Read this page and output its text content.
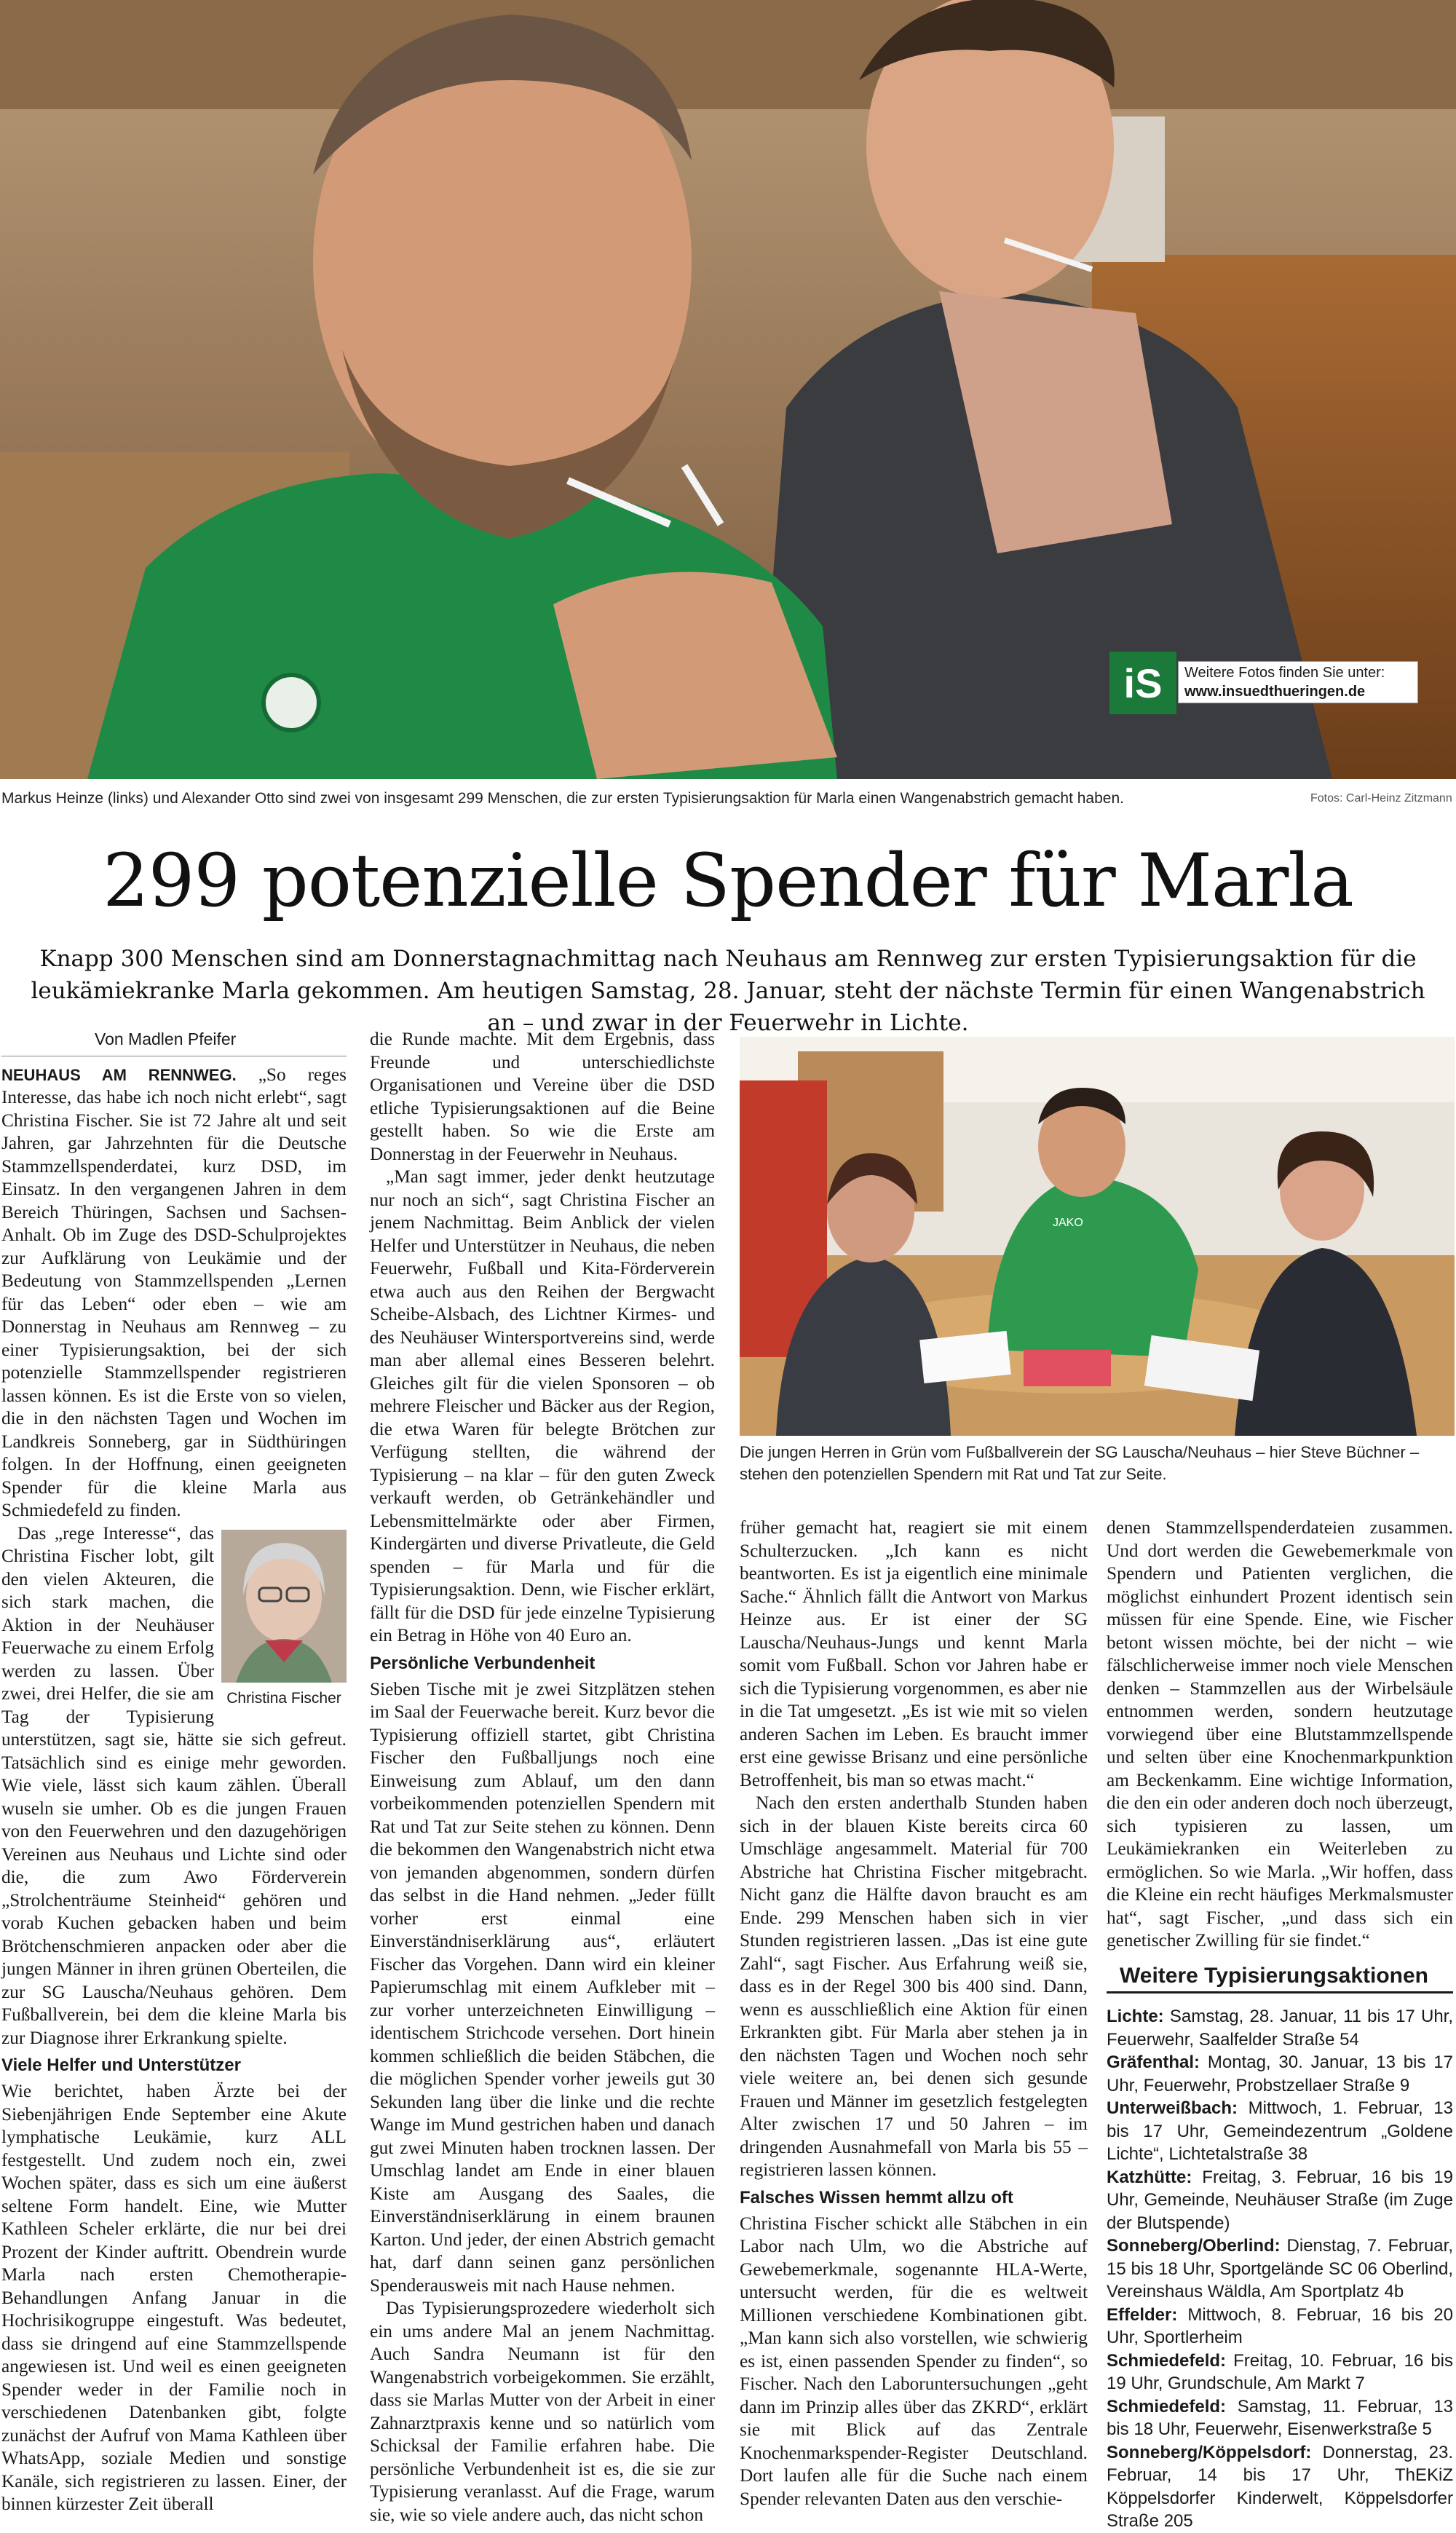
iS	Weitere Fotos finden Sie unter:
www.insuedthueringen.de
Markus Heinze (links) und Alexander Otto sind zwei von insgesamt 299 Menschen, die zur ersten Typisierungsaktion für Marla einen Wangenabstrich gemacht haben.	Fotos: Carl-Heinz Zitzmann
299 potenzielle Spender für Marla
Knapp 300 Menschen sind am Donnerstagnachmittag nach Neuhaus am Rennweg zur ersten Typisierungsaktion für die leukämiekranke Marla gekommen. Am heutigen Samstag, 28. Januar, steht der nächste Termin für einen Wangenabstrich an – und zwar in der Feuerwehr in Lichte.
Von Madlen Pfeifer

NEUHAUS AM RENNWEG. „So reges Interesse, das habe ich noch nicht erlebt“, sagt Christina Fischer. Sie ist 72 Jahre alt und seit Jahren, gar Jahrzehnten für die Deutsche Stammzellspenderdatei, kurz DSD, im Einsatz. In den vergangenen Jahren in dem Bereich Thüringen, Sachsen und Sachsen-Anhalt. Ob im Zuge des DSD-Schulprojektes zur Aufklärung von Leukämie und der Bedeutung von Stammzellspenden „Lernen für das Leben“ oder eben – wie am Donnerstag in Neuhaus am Rennweg – zu einer Typisierungsaktion, bei der sich potenzielle Stammzellspender registrieren lassen können. Es ist die Erste von so vielen, die in den nächsten Tagen und Wochen im Landkreis Sonneberg, gar in Südthüringen folgen. In der Hoffnung, einen geeigneten Spender für die kleine Marla aus Schmiedefeld zu finden.

Christina Fischer
Das „rege Interesse“, das Christina Fischer lobt, gilt den vielen Akteuren, die sich stark machen, die Aktion in der Neuhäuser Feuerwache zu einem Erfolg werden zu lassen. Über zwei, drei Helfer, die sie am Tag der Typisierung unterstützen, sagt sie, hätte sie sich gefreut. Tatsächlich sind es einige mehr geworden. Wie viele, lässt sich kaum zählen. Überall wuseln sie umher. Ob es die jungen Frauen von den Feuerwehren und den dazugehörigen Vereinen aus Neuhaus und Lichte sind oder die, die zum Awo Förderverein „Strolchenträume Steinheid“ gehören und vorab Kuchen gebacken haben und beim Brötchenschmieren anpacken oder aber die jungen Männer in ihren grünen Oberteilen, die zur SG Lauscha/Neuhaus gehören. Dem Fußballverein, bei dem die kleine Marla bis zur Diagnose ihrer Erkrankung spielte.

Viele Helfer und Unterstützer

Wie berichtet, haben Ärzte bei der Siebenjährigen Ende September eine Akute lymphatische Leukämie, kurz ALL festgestellt. Und zudem noch ein, zwei Wochen später, dass es sich um eine äußerst seltene Form handelt. Eine, wie Mutter Kathleen Scheler erklärte, die nur bei drei Prozent der Kinder auftritt. Obendrein wurde Marla nach ersten Chemotherapie-Behandlungen Anfang Januar in die Hochrisikogruppe eingestuft. Was bedeutet, dass sie dringend auf eine Stammzellspende angewiesen ist. Und weil es einen geeigneten Spender weder in der Familie noch in verschiedenen Datenbanken gibt, folgte zunächst der Aufruf von Mama Kathleen über WhatsApp, soziale Medien und sonstige Kanäle, sich registrieren zu lassen. Einer, der binnen kürzester Zeit überall

JAKO
Die jungen Herren in Grün vom Fußballverein der SG Lauscha/Neuhaus – hier Steve Büchner – stehen den potenziellen Spendern mit Rat und Tat zur Seite.

die Runde machte. Mit dem Ergebnis, dass Freunde und unterschiedlichste Organisationen und Vereine über die DSD etliche Typisierungsaktionen auf die Beine gestellt haben. So wie die Erste am Donnerstag in der Feuerwehr in Neuhaus.

„Man sagt immer, jeder denkt heutzutage nur noch an sich“, sagt Christina Fischer an jenem Nachmittag. Beim Anblick der vielen Helfer und Unterstützer in Neuhaus, die neben Feuerwehr, Fußball und Kita-Förderverein etwa auch aus den Reihen der Bergwacht Scheibe-Alsbach, des Lichtner Kirmes- und des Neuhäuser Wintersportvereins sind, werde man aber allemal eines Besseren belehrt. Gleiches gilt für die vielen Sponsoren – ob mehrere Fleischer und Bäcker aus der Region, die etwa Waren für belegte Brötchen zur Verfügung stellten, die während der Typisierung – na klar – für den guten Zweck verkauft werden, ob Getränkehändler und Lebensmittelmärkte oder aber Firmen, Kindergärten und diverse Privatleute, die Geld spenden – für Marla und für die Typisierungsaktion. Denn, wie Fischer erklärt, fällt für die DSD für jede einzelne Typisierung ein Betrag in Höhe von 40 Euro an.

Persönliche Verbundenheit

Sieben Tische mit je zwei Sitzplätzen stehen im Saal der Feuerwache bereit. Kurz bevor die Typisierung offiziell startet, gibt Christina Fischer den Fußballjungs noch eine Einweisung zum Ablauf, um den dann vorbeikommenden potenziellen Spendern mit Rat und Tat zur Seite stehen zu können. Denn die bekommen den Wangenabstrich nicht etwa von jemanden abgenommen, sondern dürfen das selbst in die Hand nehmen. „Jeder füllt vorher erst einmal eine Einverständniserklärung aus“, erläutert Fischer das Vorgehen. Dann wird ein kleiner Papierumschlag mit einem Aufkleber mit – zur vorher unterzeichneten Einwilligung – identischem Strichcode versehen. Dort hinein kommen schließlich die beiden Stäbchen, die die möglichen Spender vorher jeweils gut 30 Sekunden lang über die linke und die rechte Wange im Mund gestrichen haben und danach gut zwei Minuten haben trocknen lassen. Der Umschlag landet am Ende in einer blauen Kiste am Ausgang des Saales, die Einverständniserklärung in einem braunen Karton. Und jeder, der einen Abstrich gemacht hat, darf dann seinen ganz persönlichen Spenderausweis mit nach Hause nehmen.

Das Typisierungsprozedere wiederholt sich ein ums andere Mal an jenem Nachmittag. Auch Sandra Neumann ist für den Wangenabstrich vorbeigekommen. Sie erzählt, dass sie Marlas Mutter von der Arbeit in einer Zahnarztpraxis kenne und so natürlich vom Schicksal der Familie erfahren habe. Die persönliche Verbundenheit ist es, die sie zur Typisierung veranlasst. Auf die Frage, warum sie, wie so viele andere auch, das nicht schon

früher gemacht hat, reagiert sie mit einem Schulterzucken. „Ich kann es nicht beantworten. Es ist ja eigentlich eine minimale Sache.“ Ähnlich fällt die Antwort von Markus Heinze aus. Er ist einer der SG Lauscha/Neuhaus-Jungs und kennt Marla somit vom Fußball. Schon vor Jahren habe er sich die Typisierung vorgenommen, es aber nie in die Tat umgesetzt. „Es ist wie mit so vielen anderen Sachen im Leben. Es braucht immer erst eine gewisse Brisanz und eine persönliche Betroffenheit, bis man so etwas macht.“

Nach den ersten anderthalb Stunden haben sich in der blauen Kiste bereits circa 60 Umschläge angesammelt. Material für 700 Abstriche hat Christina Fischer mitgebracht. Nicht ganz die Hälfte davon braucht es am Ende. 299 Menschen haben sich in vier Stunden registrieren lassen. „Das ist eine gute Zahl“, sagt Fischer. Aus Erfahrung weiß sie, dass es in der Regel 300 bis 400 sind. Dann, wenn es ausschließlich eine Aktion für einen Erkrankten gibt. Für Marla aber stehen ja in den nächsten Tagen und Wochen noch sehr viele weitere an, bei denen sich gesunde Frauen und Männer im gesetzlich festgelegten Alter zwischen 17 und 50 Jahren – im dringenden Ausnahmefall von Marla bis 55 – registrieren lassen können.

Falsches Wissen hemmt allzu oft

Christina Fischer schickt alle Stäbchen in ein Labor nach Ulm, wo die Abstriche auf Gewebemerkmale, sogenannte HLA-Werte, untersucht werden, für die es weltweit Millionen verschiedene Kombinationen gibt. „Man kann sich also vorstellen, wie schwierig es ist, einen passenden Spender zu finden“, so Fischer. Nach den Laboruntersuchungen „geht dann im Prinzip alles über das ZKRD“, erklärt sie mit Blick auf das Zentrale Knochenmarkspender-Register Deutschland. Dort laufen alle für die Suche nach einem Spender relevanten Daten aus den verschie-

denen Stammzellspenderdateien zusammen. Und dort werden die Gewebemerkmale von Spendern und Patienten verglichen, die möglichst einhundert Prozent identisch sein müssen für eine Spende. Eine, wie Fischer betont wissen möchte, bei der nicht – wie fälschlicherweise immer noch viele Menschen denken – Stammzellen aus der Wirbelsäule entnommen werden, sondern heutzutage vorwiegend über eine Blutstammzellspende und selten über eine Knochenmarkpunktion am Beckenkamm. Eine wichtige Information, die den ein oder anderen doch noch überzeugt, sich typisieren zu lassen, um Leukämiekranken ein Weiterleben zu ermöglichen. So wie Marla. „Wir hoffen, dass die Kleine ein recht häufiges Merkmalsmuster hat“, sagt Fischer, „und dass sich ein genetischer Zwilling für sie findet.“

Weitere Typisierungsaktionen
Lichte: Samstag, 28. Januar, 11 bis 17 Uhr, Feuerwehr, Saalfelder Straße 54
Gräfenthal: Montag, 30. Januar, 13 bis 17 Uhr, Feuerwehr, Probstzellaer Straße 9
Unterweißbach: Mittwoch, 1. Februar, 13 bis 17 Uhr, Gemeindezentrum „Goldene Lichte“, Lichtetalstraße 38
Katzhütte: Freitag, 3. Februar, 16 bis 19 Uhr, Gemeinde, Neuhäuser Straße (im Zuge der Blutspende)
Sonneberg/Oberlind: Dienstag, 7. Februar, 15 bis 18 Uhr, Sportgelände SC 06 Oberlind, Vereinshaus Wäldla, Am Sportplatz 4b
Effelder: Mittwoch, 8. Februar, 16 bis 20 Uhr, Sportlerheim
Schmiedefeld: Freitag, 10. Februar, 16 bis 19 Uhr, Grundschule, Am Markt 7
Schmiedefeld: Samstag, 11. Februar, 13 bis 18 Uhr, Feuerwehr, Eisenwerkstraße 5
Sonneberg/Köppelsdorf: Donnerstag, 23. Februar, 14 bis 17 Uhr, ThEKiZ Köppelsdorfer Kinderwelt, Köppelsdorfer Straße 205
